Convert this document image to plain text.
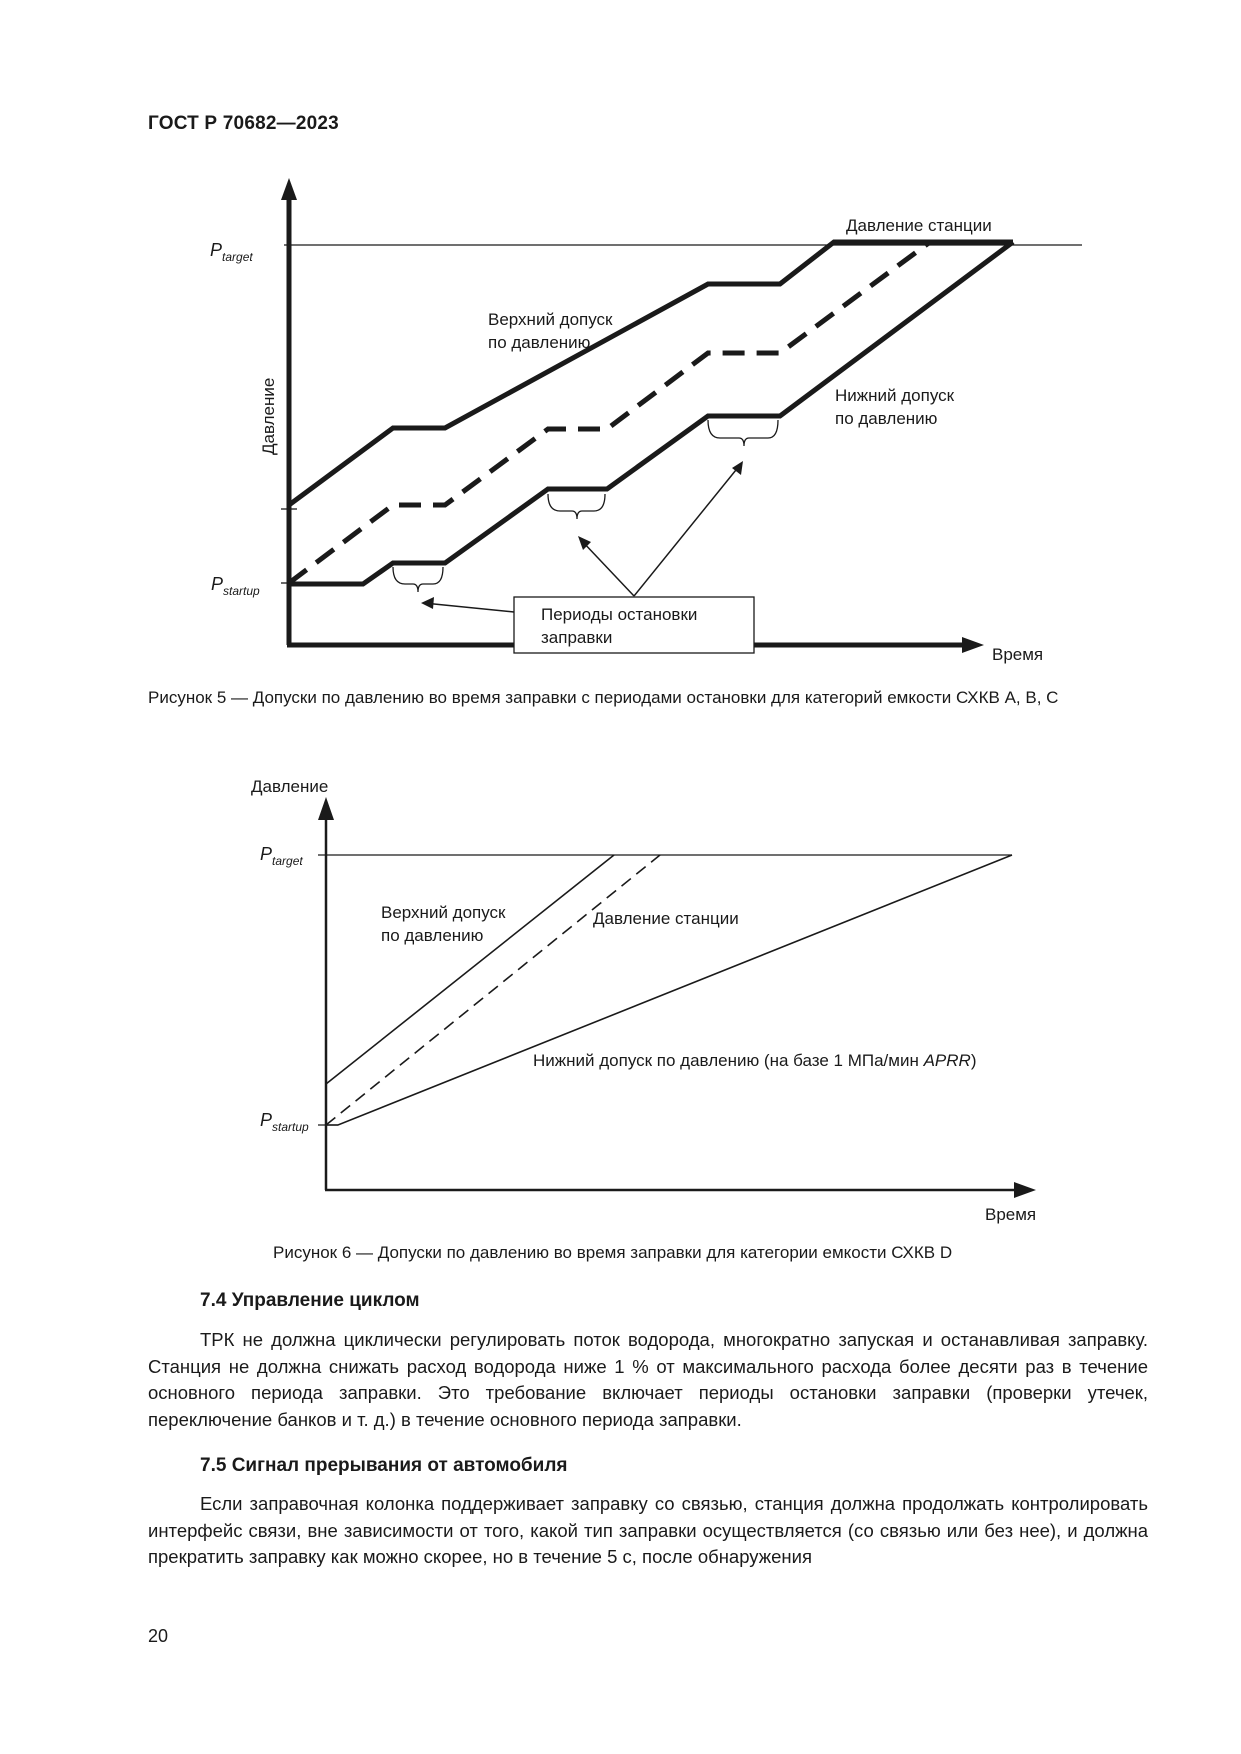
ГОСТ Р 70682—2023
Периоды остановки
заправки
Давление
Время
$P_{target}$
$P_{startup}$
Давление станции
Верхний допуск
по давлению
Нижний допуск
по давлению
Рисунок 5 — Допуски по давлению во время заправки с периодами остановки для категорий емкости СХКВ А, В, С
Давление
Время
$P_{target}$
$P_{startup}$
Верхний допуск
по давлению
Давление станции
Нижний допуск по давлению (на базе 1 МПа/мин APRR)
Рисунок 6 — Допуски по давлению во время заправки для категории емкости СХКВ D
7.4 Управление циклом
ТРК не должна циклически регулировать поток водорода, многократно запуская и останавливая заправку. Станция не должна снижать расход водорода ниже 1 % от максимального расхода более десяти раз в течение основного периода заправки. Это требование включает периоды остановки заправки (проверки утечек, переключение банков и т. д.) в течение основного периода заправки.
7.5 Сигнал прерывания от автомобиля
Если заправочная колонка поддерживает заправку со связью, станция должна продолжать контролировать интерфейс связи, вне зависимости от того, какой тип заправки осуществляется (со связью или без нее), и должна прекратить заправку как можно скорее, но в течение 5 с, после обнаружения
20
